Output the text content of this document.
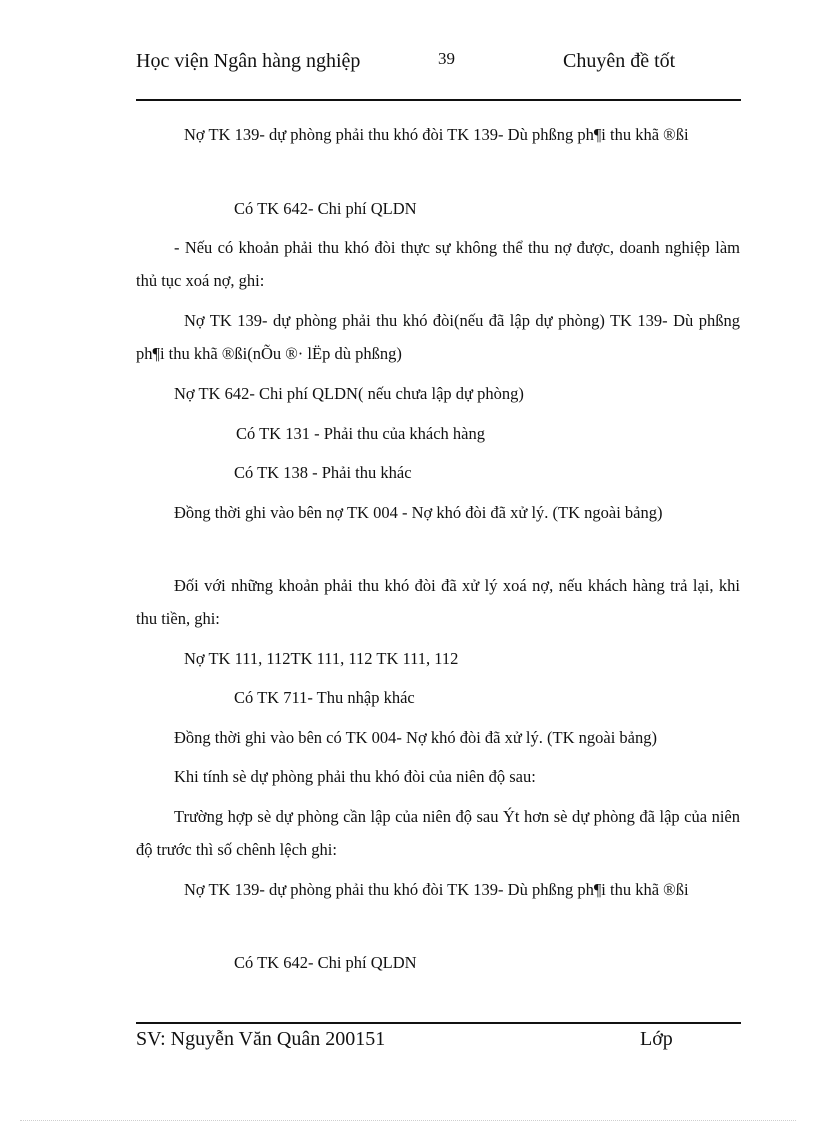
Học viện Ngân hàng nghiệp	39	Chuyên đề tốt
Nợ TK 139- dự phòng phải thu khó đòi TK 139- Dù phßng ph¶i thu khã ®ßi
Có TK 642- Chi phí QLDN
- Nếu có khoản phải thu khó đòi thực sự không thể thu nợ được, doanh nghiệp làm thủ tục xoá nợ, ghi:
Nợ TK 139- dự phòng phải thu khó đòi(nếu đã lập dự phòng) TK 139- Dù phßng ph¶i thu khã ®ßi(nÕu ®· lËp dù phßng)
Nợ TK 642- Chi phí QLDN( nếu chưa lập dự phòng)
Có TK 131 - Phải thu của khách hàng
Có TK 138 - Phải thu khác
Đồng thời ghi vào bên nợ TK 004 - Nợ khó đòi đã xử lý. (TK ngoài bảng)
Đối với những khoản phải thu khó đòi đã xử lý xoá nợ, nếu khách hàng trả lại, khi thu tiền, ghi:
Nợ TK 111, 112TK 111, 112 TK 111, 112
Có TK 711- Thu nhập khác
Đồng thời ghi vào bên có TK 004- Nợ khó đòi đã xử lý. (TK ngoài bảng)
Khi tính sè dự phòng phải thu khó đòi của niên độ sau:
Trường hợp sè dự phòng cần lập của niên độ sau Ýt hơn sè dự phòng đã lập của niên độ trước thì số chênh lệch ghi:
Nợ TK 139- dự phòng phải thu khó đòi TK 139- Dù phßng ph¶i thu khã ®ßi
Có TK 642- Chi phí QLDN
SV: Nguyễn Văn Quân 200151	Lớp
